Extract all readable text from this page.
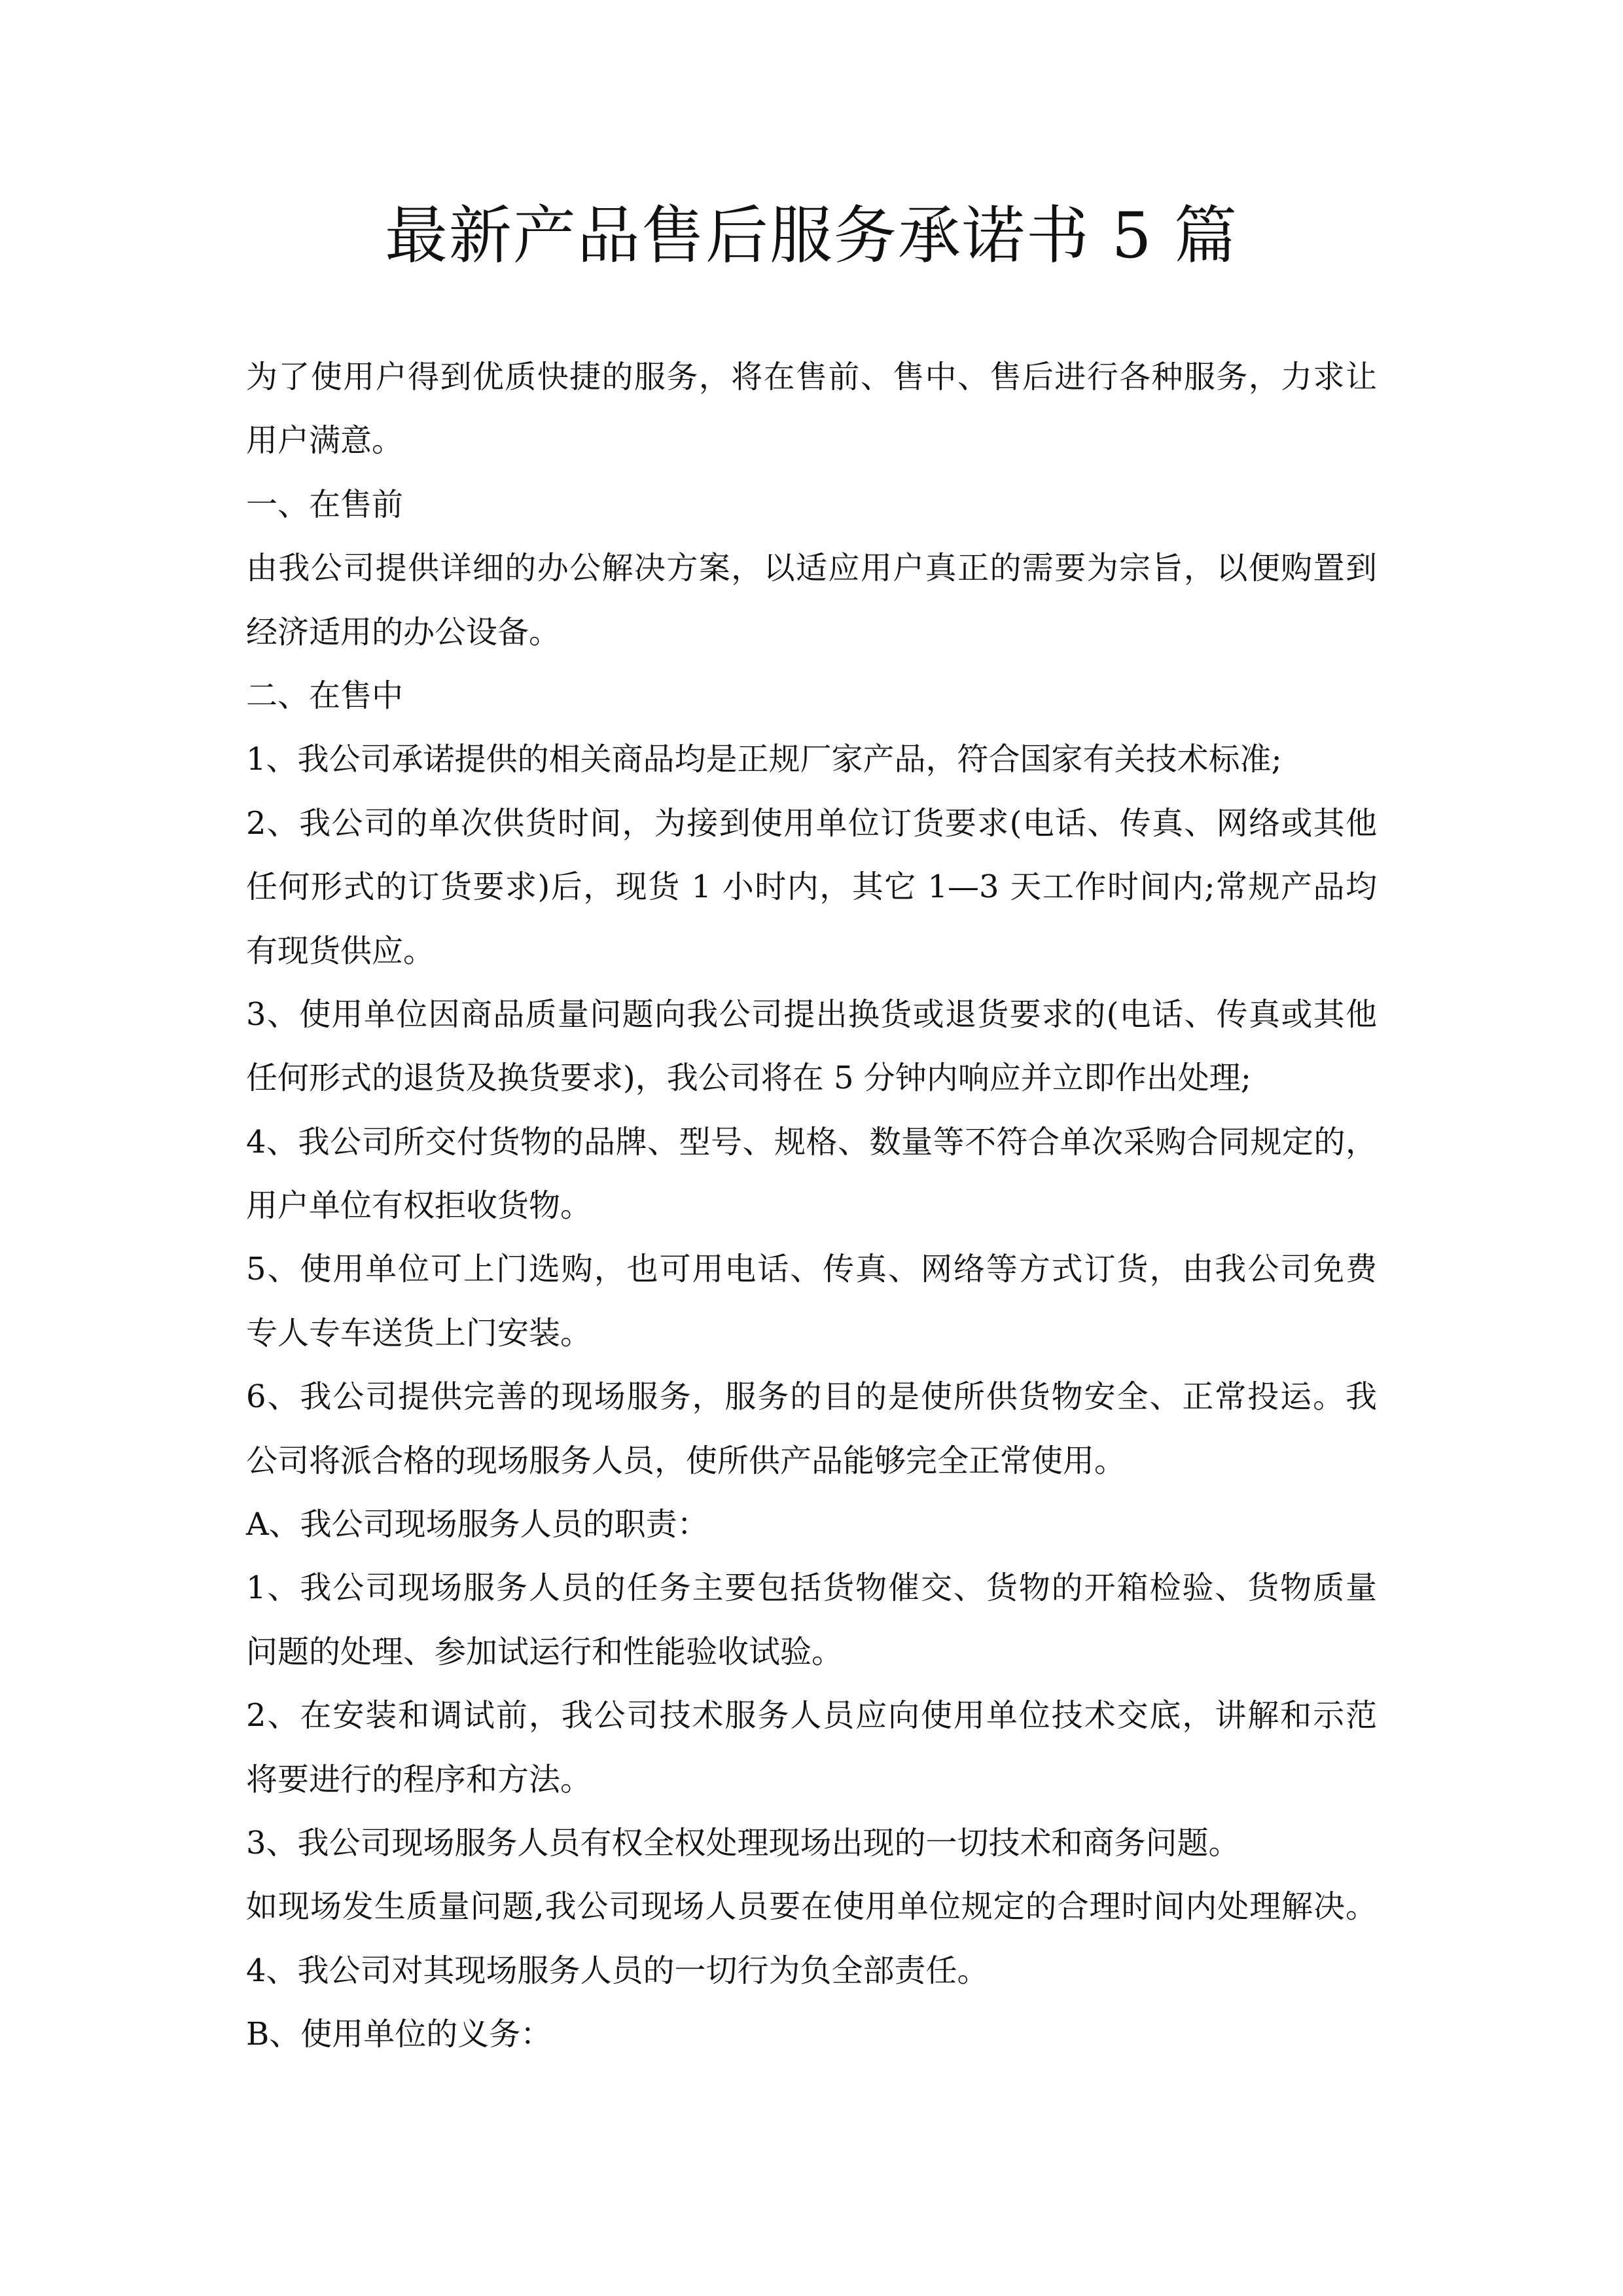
最新产品售后服务承诺书 5 篇
为了使用户得到优质快捷的服务，将在售前、售中、售后进行各种服务，力求让
用户满意。
一、在售前
由我公司提供详细的办公解决方案，以适应用户真正的需要为宗旨，以便购置到
经济适用的办公设备。
二、在售中
1、我公司承诺提供的相关商品均是正规厂家产品，符合国家有关技术标准;
2、我公司的单次供货时间，为接到使用单位订货要求(电话、传真、网络或其他
任何形式的订货要求)后，现货 1 小时内，其它 1—3 天工作时间内;常规产品均
有现货供应。
3、使用单位因商品质量问题向我公司提出换货或退货要求的(电话、传真或其他
任何形式的退货及换货要求)，我公司将在 5 分钟内响应并立即作出处理;
4、我公司所交付货物的品牌、型号、规格、数量等不符合单次采购合同规定的，
用户单位有权拒收货物。
5、使用单位可上门选购，也可用电话、传真、网络等方式订货，由我公司免费
专人专车送货上门安装。
6、我公司提供完善的现场服务，服务的目的是使所供货物安全、正常投运。我
公司将派合格的现场服务人员，使所供产品能够完全正常使用。
A、我公司现场服务人员的职责：
1、我公司现场服务人员的任务主要包括货物催交、货物的开箱检验、货物质量
问题的处理、参加试运行和性能验收试验。
2、在安装和调试前，我公司技术服务人员应向使用单位技术交底，讲解和示范
将要进行的程序和方法。
3、我公司现场服务人员有权全权处理现场出现的一切技术和商务问题。
如现场发生质量问题,我公司现场人员要在使用单位规定的合理时间内处理解决。
4、我公司对其现场服务人员的一切行为负全部责任。
B、使用单位的义务：
